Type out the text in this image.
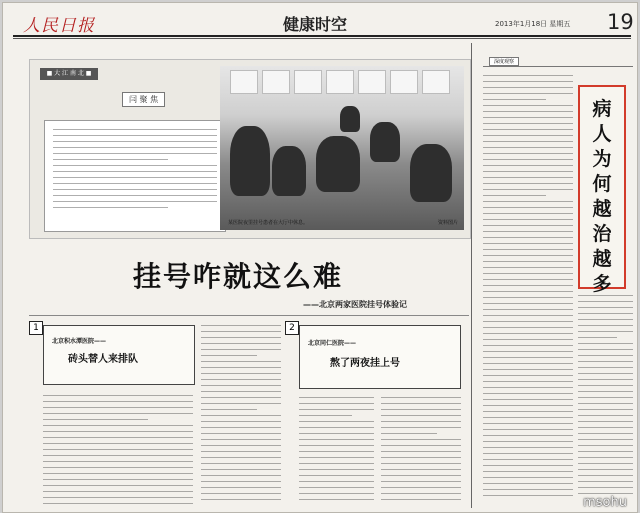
人民日报	健康时空	2013年1月18日 星期五 19
■ 大 江 南 北 ■
闫 聚 焦
某医院夜里挂号患者在大厅中休息。	资料图片
挂号咋就这么难
——北京两家医院挂号体验记
1
北京积水潭医院——
砖头替人来排队
2
北京同仁医院——
熬了两夜挂上号
深度观察
病人为何越治越多
msohu
